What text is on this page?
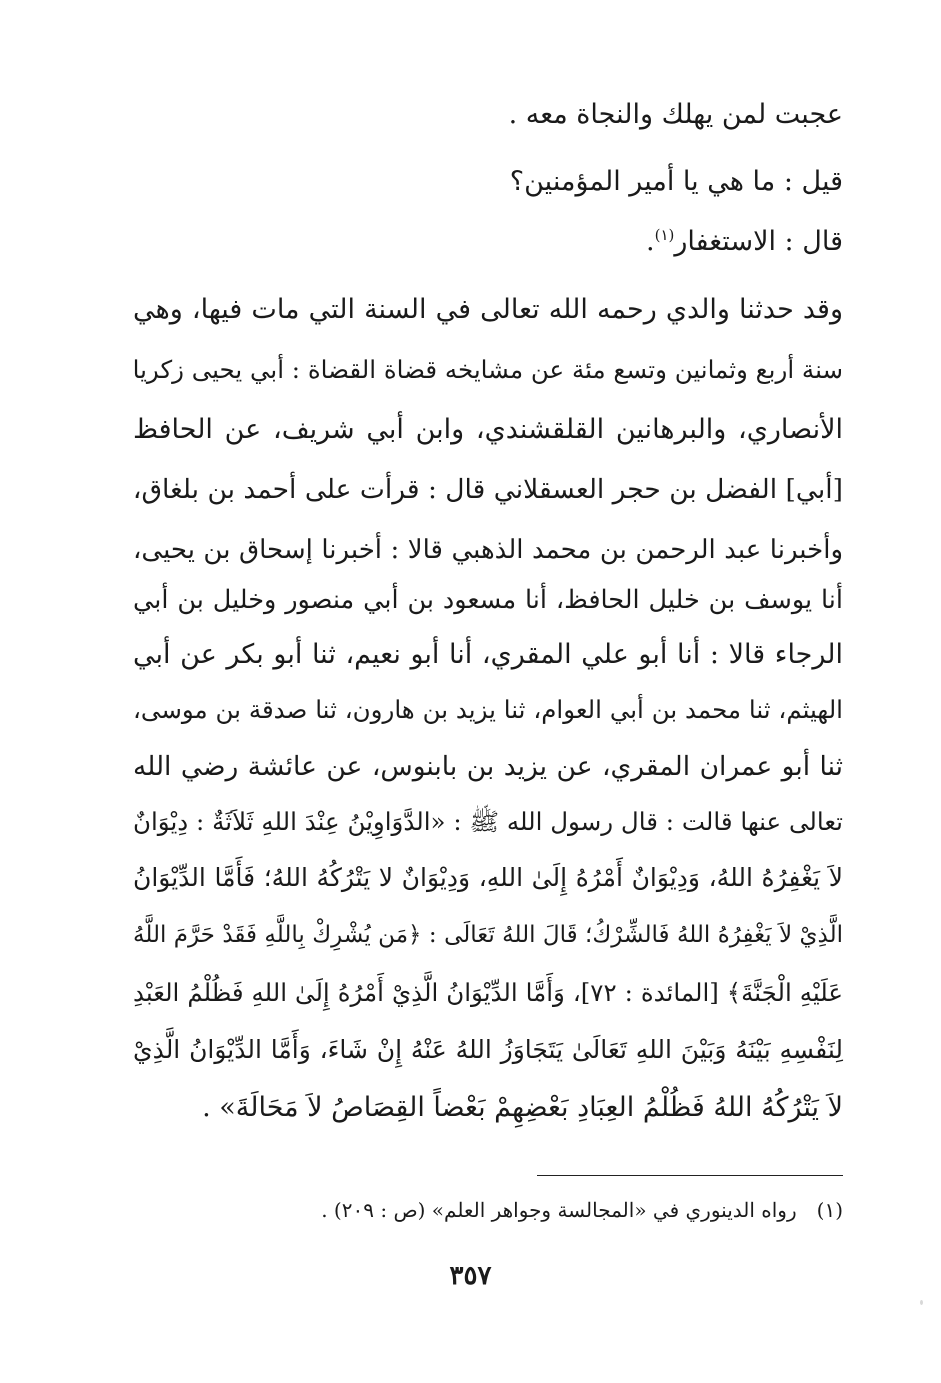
عجبت لمن يهلك والنجاة معه .
قيل : ما هي يا أمير المؤمنين؟
قال : الاستغفار$^{(١)}$.
وقد حدثنا والدي رحمه الله تعالى في السنة التي مات فيها، وهي
سنة أربع وثمانين وتسع مئة عن مشايخه قضاة القضاة : أبي يحيى زكريا
الأنصاري، والبرهانين القلقشندي، وابن أبي شريف، عن الحافظ
[أبي] الفضل بن حجر العسقلاني قال : قرأت على أحمد بن بلغاق،
وأخبرنا عبد الرحمن بن محمد الذهبي قالا : أخبرنا إسحاق بن يحيى،
أنا يوسف بن خليل الحافظ، أنا مسعود بن أبي منصور وخليل بن أبي
الرجاء قالا : أنا أبو علي المقري، أنا أبو نعيم، ثنا أبو بكر عن أبي
الهيثم، ثنا محمد بن أبي العوام، ثنا يزيد بن هارون، ثنا صدقة بن موسى،
ثنا أبو عمران المقري، عن يزيد بن بابنوس، عن عائشة رضي الله
تعالى عنها قالت : قال رسول الله ﷺ : «الدَّوَاوِيْنُ عِنْدَ اللهِ ثَلاَثَةٌ : دِيْوَانٌ
لاَ يَغْفِرُهُ اللهُ، وَدِيْوَانٌ أَمْرُهُ إِلَىٰ اللهِ، وَدِيْوَانٌ لا يَتْرُكُهُ اللهُ؛ فَأَمَّا الدِّيْوَانُ
الَّذِيْ لاَ يَغْفِرُهُ اللهُ فَالشِّرْكُ؛ قَالَ اللهُ تَعَالَى : ﴿مَن يُشْرِكْ بِاللَّهِ فَقَدْ حَرَّمَ اللَّهُ
عَلَيْهِ الْجَنَّةَ﴾ [المائدة : ٧٢]، وَأَمَّا الدِّيْوَانُ الَّذِيْ أَمْرُهُ إِلَىٰ اللهِ فَظُلْمُ العَبْدِ
لِنَفْسِهِ بَيْنَهُ وَبَيْنَ اللهِ تَعَالَىٰ يَتَجَاوَزُ اللهُ عَنْهُ إِنْ شَاءَ، وَأَمَّا الدِّيْوَانُ الَّذِيْ
لاَ يَتْرُكُهُ اللهُ فَظُلْمُ العِبَادِ بَعْضِهِمْ بَعْضاً القِصَاصُ لاَ مَحَالَةَ» .
(١)رواه الدينوري في «المجالسة وجواهر العلم» (ص : ٢٠٩) .
٣٥٧
